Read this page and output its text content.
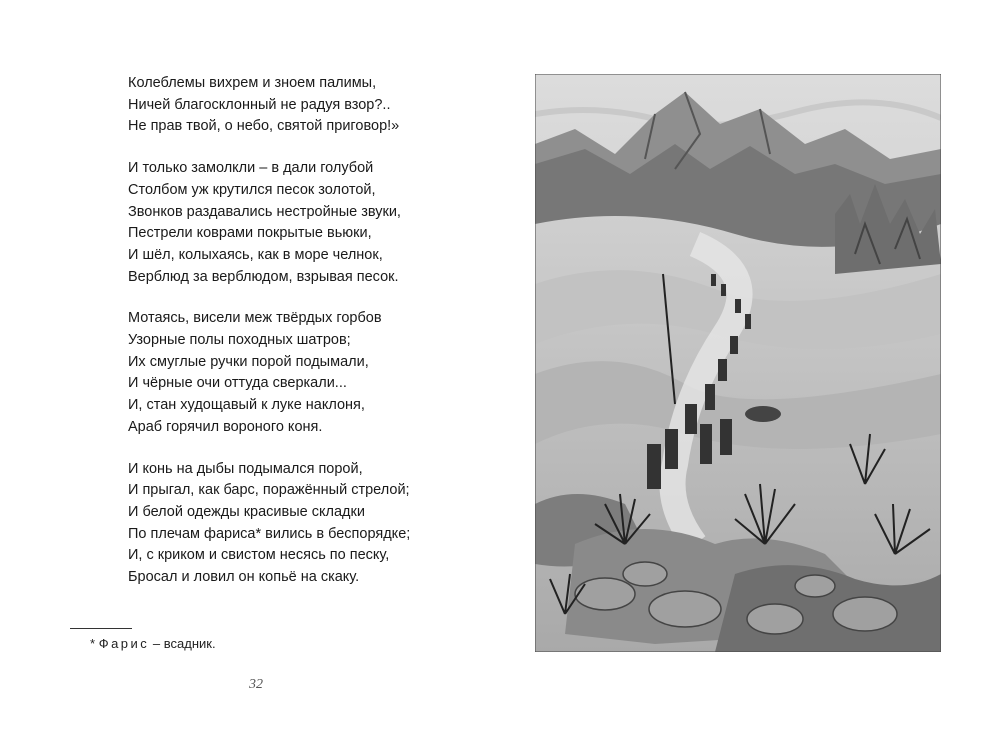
Колеблемы вихрем и зноем палимы,
Ничей благосклонный не радуя взор?..
Не прав твой, о небо, святой приговор!»
И только замолкли – в дали голубой
Столбом уж крутился песок золотой,
Звонков раздавались нестройные звуки,
Пестрели коврами покрытые вьюки,
И шёл, колыхаясь, как в море челнок,
Верблюд за верблюдом, взрывая песок.
Мотаясь, висели меж твёрдых горбов
Узорные полы походных шатров;
Их смуглые ручки порой подымали,
И чёрные очи оттуда сверкали...
И, стан худощавый к луке наклоня,
Араб горячил вороного коня.
И конь на дыбы подымался порой,
И прыгал, как барс, поражённый стрелой;
И белой одежды красивые складки
По плечам фариса* вились в беспорядке;
И, с криком и свистом несясь по песку,
Бросал и ловил он копьё на скаку.
* Фарис – всадник.
32
